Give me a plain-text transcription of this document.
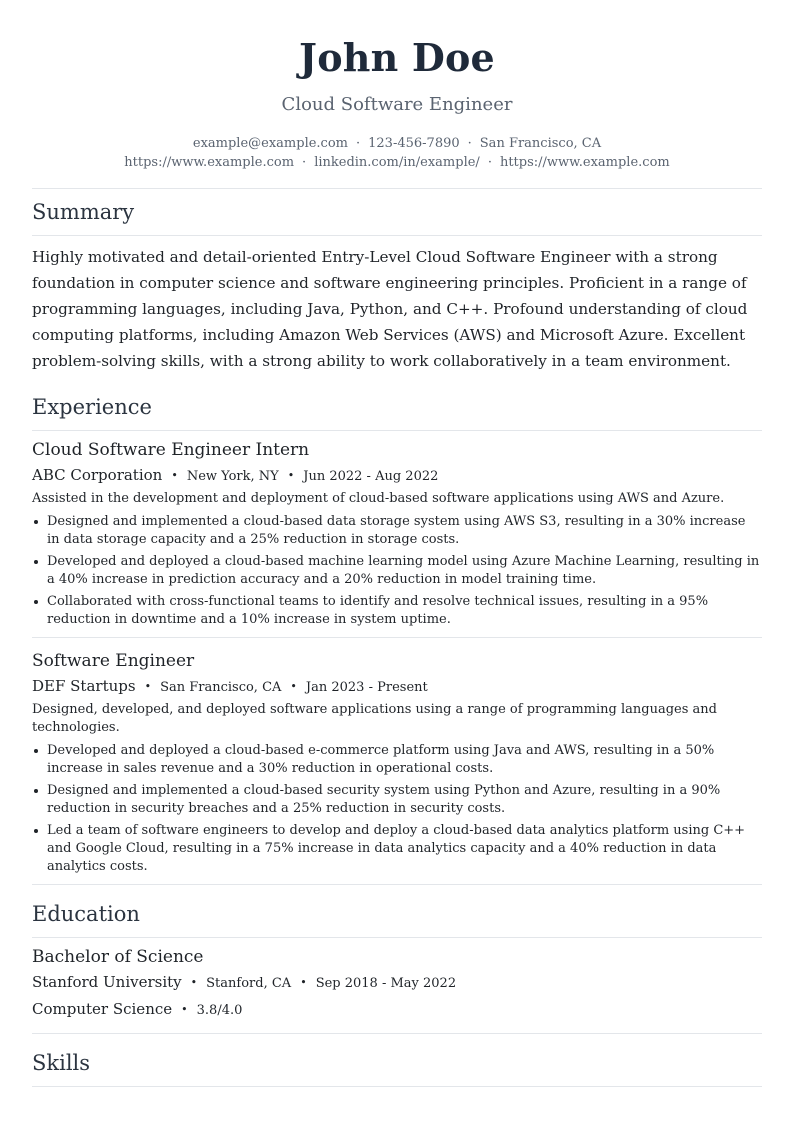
John Doe
Cloud Software Engineer
example@example.com · 123-456-7890 · San Francisco, CA
https://www.example.com · linkedin.com/in/example/ · https://www.example.com
Summary
Highly motivated and detail-oriented Entry-Level Cloud Software Engineer with a strong foundation in computer science and software engineering principles. Proficient in a range of programming languages, including Java, Python, and C++. Profound understanding of cloud computing platforms, including Amazon Web Services (AWS) and Microsoft Azure. Excellent problem-solving skills, with a strong ability to work collaboratively in a team environment.
Experience
Cloud Software Engineer Intern
ABC Corporation • New York, NY • Jun 2022 - Aug 2022
Assisted in the development and deployment of cloud-based software applications using AWS and Azure.
Designed and implemented a cloud-based data storage system using AWS S3, resulting in a 30% increase in data storage capacity and a 25% reduction in storage costs.
Developed and deployed a cloud-based machine learning model using Azure Machine Learning, resulting in a 40% increase in prediction accuracy and a 20% reduction in model training time.
Collaborated with cross-functional teams to identify and resolve technical issues, resulting in a 95% reduction in downtime and a 10% increase in system uptime.
Software Engineer
DEF Startups • San Francisco, CA • Jan 2023 - Present
Designed, developed, and deployed software applications using a range of programming languages and technologies.
Developed and deployed a cloud-based e-commerce platform using Java and AWS, resulting in a 50% increase in sales revenue and a 30% reduction in operational costs.
Designed and implemented a cloud-based security system using Python and Azure, resulting in a 90% reduction in security breaches and a 25% reduction in security costs.
Led a team of software engineers to develop and deploy a cloud-based data analytics platform using C++ and Google Cloud, resulting in a 75% increase in data analytics capacity and a 40% reduction in data analytics costs.
Education
Bachelor of Science
Stanford University • Stanford, CA • Sep 2018 - May 2022
Computer Science • 3.8/4.0
Skills
